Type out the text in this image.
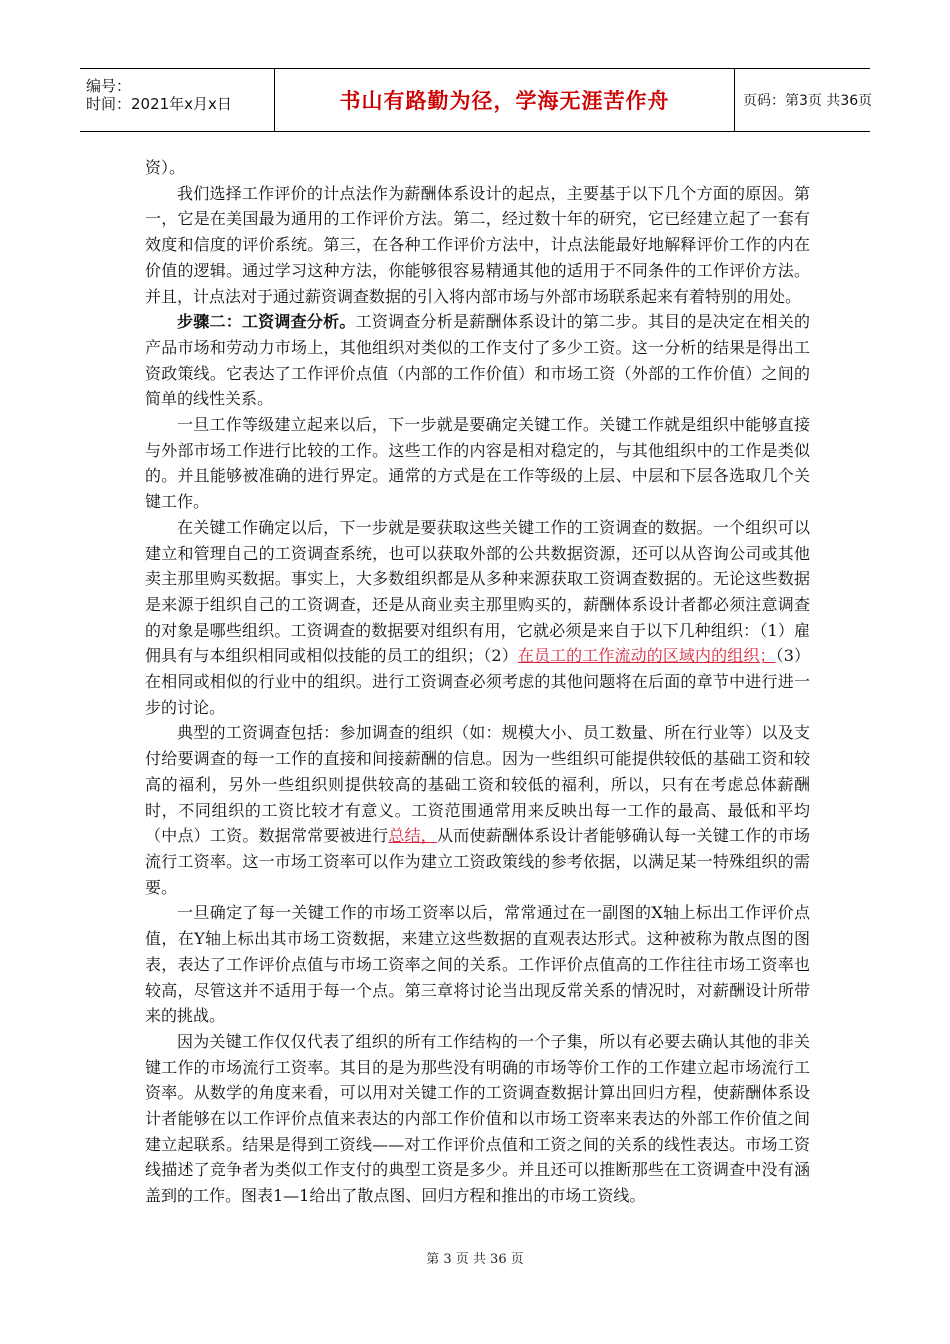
编号：
时间：2021年x月x日	书山有路勤为径，学海无涯苦作舟	页码：第3页 共36页

资）。

我们选择工作评价的计点法作为薪酬体系设计的起点，主要基于以下几个方面的原因。第一，它是在美国最为通用的工作评价方法。第二，经过数十年的研究，它已经建立起了一套有效度和信度的评价系统。第三，在各种工作评价方法中，计点法能最好地解释评价工作的内在价值的逻辑。通过学习这种方法，你能够很容易精通其他的适用于不同条件的工作评价方法。并且，计点法对于通过薪资调查数据的引入将内部市场与外部市场联系起来有着特别的用处。

步骤二：工资调查分析。工资调查分析是薪酬体系设计的第二步。其目的是决定在相关的产品市场和劳动力市场上，其他组织对类似的工作支付了多少工资。这一分析的结果是得出工资政策线。它表达了工作评价点值（内部的工作价值）和市场工资（外部的工作价值）之间的简单的线性关系。

一旦工作等级建立起来以后，下一步就是要确定关键工作。关键工作就是组织中能够直接与外部市场工作进行比较的工作。这些工作的内容是相对稳定的，与其他组织中的工作是类似的。并且能够被准确的进行界定。通常的方式是在工作等级的上层、中层和下层各选取几个关键工作。

在关键工作确定以后，下一步就是要获取这些关键工作的工资调查的数据。一个组织可以建立和管理自己的工资调查系统，也可以获取外部的公共数据资源，还可以从咨询公司或其他卖主那里购买数据。事实上，大多数组织都是从多种来源获取工资调查数据的。无论这些数据是来源于组织自己的工资调查，还是从商业卖主那里购买的，薪酬体系设计者都必须注意调查的对象是哪些组织。工资调查的数据要对组织有用，它就必须是来自于以下几种组织：（1）雇佣具有与本组织相同或相似技能的员工的组织；（2）在员工的工作流动的区域内的组织；（3）在相同或相似的行业中的组织。进行工资调查必须考虑的其他问题将在后面的章节中进行进一步的讨论。

典型的工资调查包括：参加调查的组织（如：规模大小、员工数量、所在行业等）以及支付给要调查的每一工作的直接和间接薪酬的信息。因为一些组织可能提供较低的基础工资和较高的福利，另外一些组织则提供较高的基础工资和较低的福利，所以，只有在考虑总体薪酬时，不同组织的工资比较才有意义。工资范围通常用来反映出每一工作的最高、最低和平均（中点）工资。数据常常要被进行总结，从而使薪酬体系设计者能够确认每一关键工作的市场流行工资率。这一市场工资率可以作为建立工资政策线的参考依据，以满足某一特殊组织的需要。

一旦确定了每一关键工作的市场工资率以后，常常通过在一副图的X轴上标出工作评价点值，在Y轴上标出其市场工资数据，来建立这些数据的直观表达形式。这种被称为散点图的图表，表达了工作评价点值与市场工资率之间的关系。工作评价点值高的工作往往市场工资率也较高，尽管这并不适用于每一个点。第三章将讨论当出现反常关系的情况时，对薪酬设计所带来的挑战。

因为关键工作仅仅代表了组织的所有工作结构的一个子集，所以有必要去确认其他的非关键工作的市场流行工资率。其目的是为那些没有明确的市场等价工作的工作建立起市场流行工资率。从数学的角度来看，可以用对关键工作的工资调查数据计算出回归方程，使薪酬体系设计者能够在以工作评价点值来表达的内部工作价值和以市场工资率来表达的外部工作价值之间建立起联系。结果是得到工资线——对工作评价点值和工资之间的关系的线性表达。市场工资线描述了竞争者为类似工作支付的典型工资是多少。并且还可以推断那些在工资调查中没有涵盖到的工作。图表1—1给出了散点图、回归方程和推出的市场工资线。

第 3 页 共 36 页
